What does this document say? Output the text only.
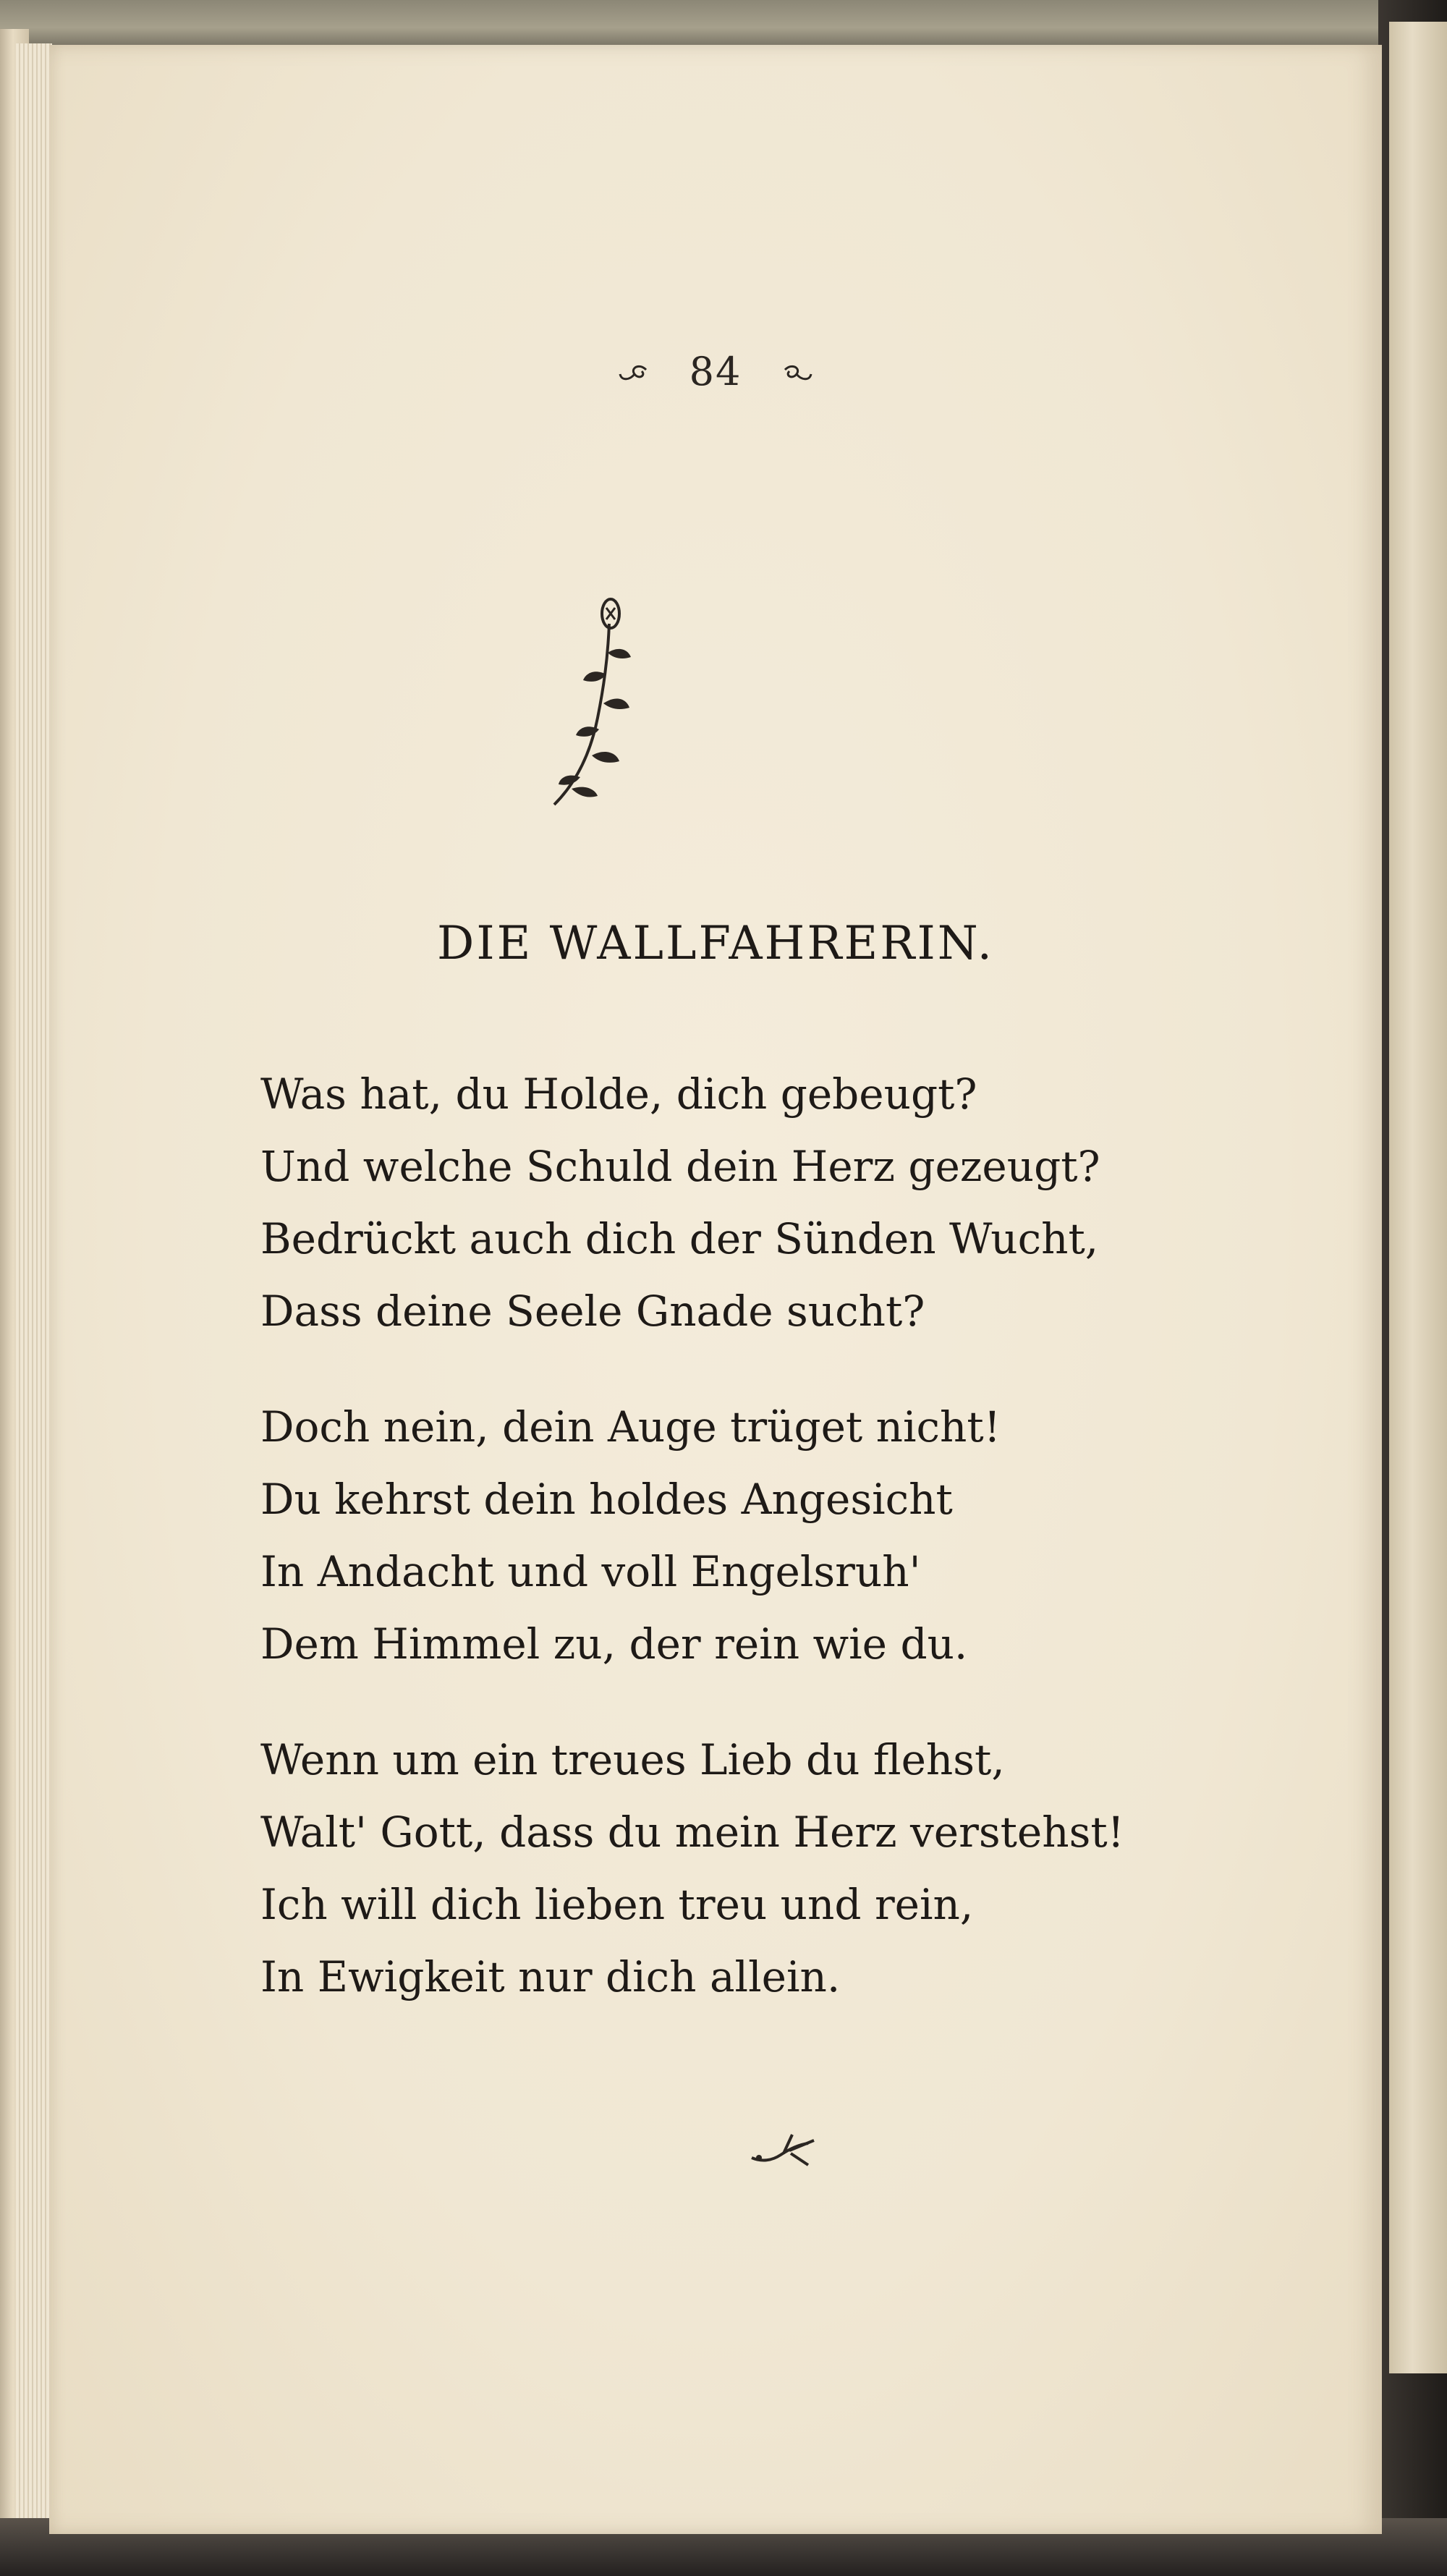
84
DIE WALLFAHRERIN.
Was hat, du Holde, dich gebeugt?
Und welche Schuld dein Herz gezeugt?
Bedrückt auch dich der Sünden Wucht,
Dass deine Seele Gnade sucht?
Doch nein, dein Auge trüget nicht!
Du kehrst dein holdes Angesicht
In Andacht und voll Engelsruh'
Dem Himmel zu, der rein wie du.
Wenn um ein treues Lieb du flehst,
Walt' Gott, dass du mein Herz verstehst!
Ich will dich lieben treu und rein,
In Ewigkeit nur dich allein.
